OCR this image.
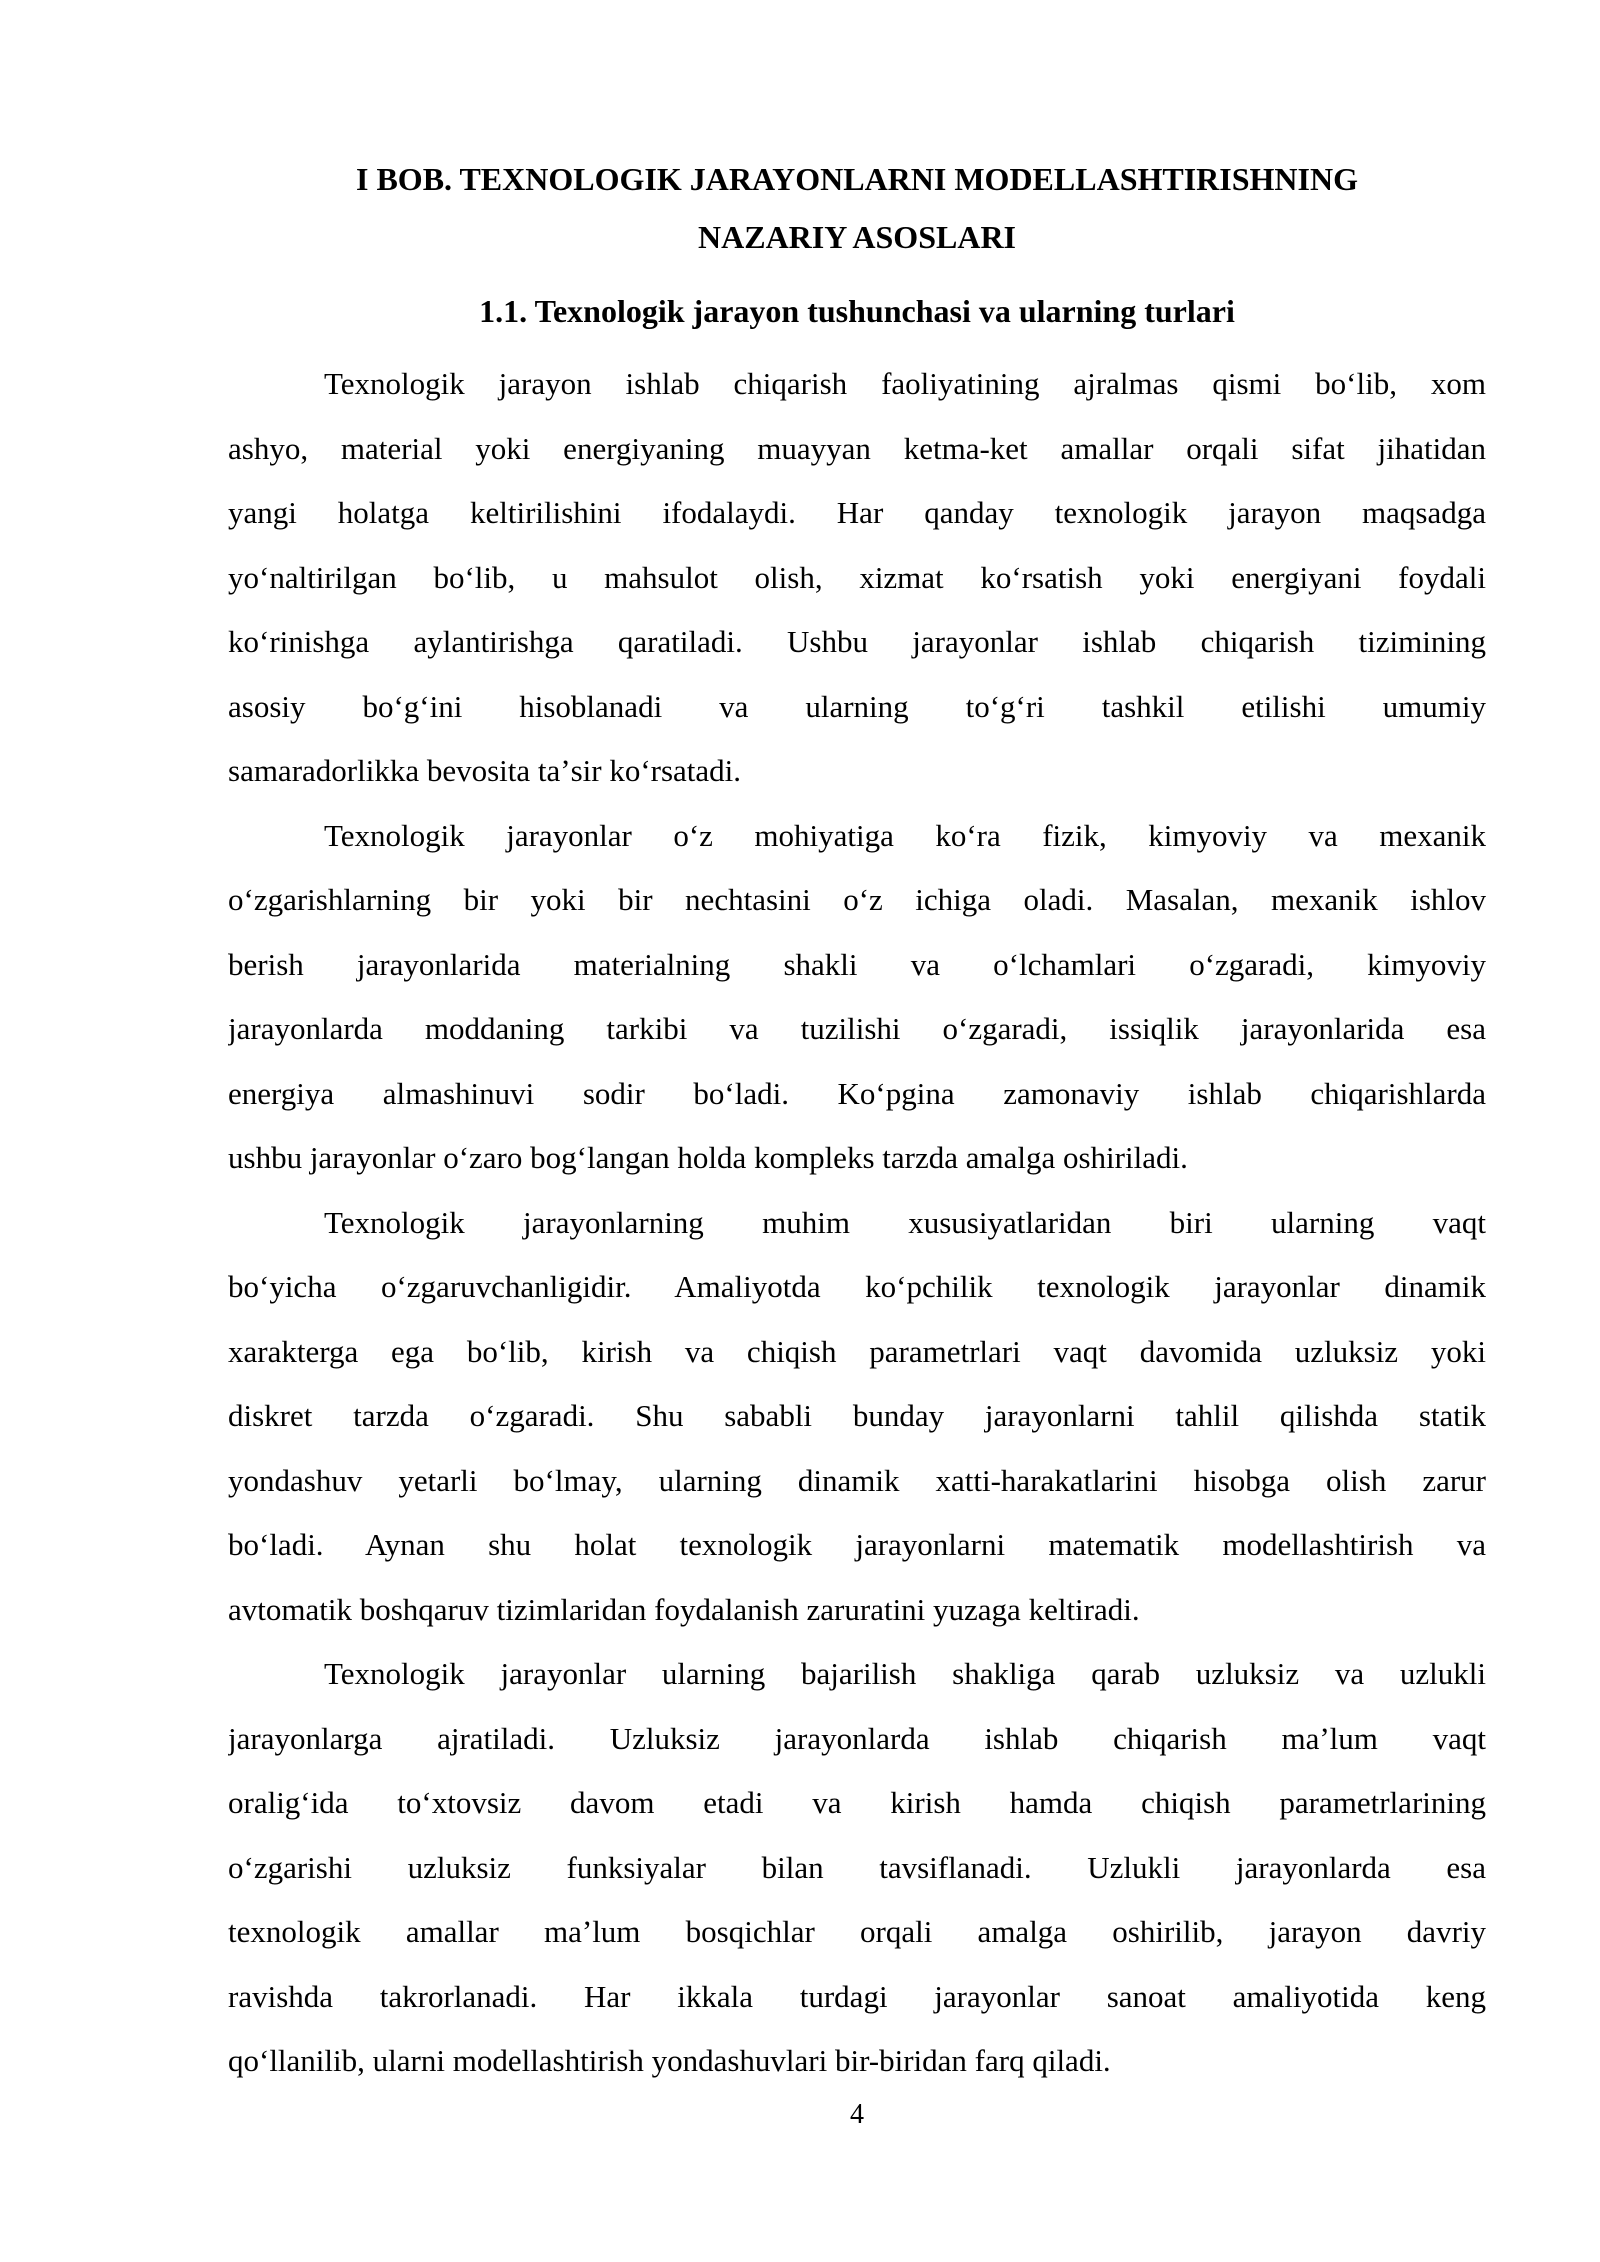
I BOB. TEXNOLOGIK JARAYONLARNI MODELLASHTIRISHNING
NAZARIY ASOSLARI
1.1. Texnologik jarayon tushunchasi va ularning turlari
Texnologik jarayon ishlab chiqarish faoliyatining ajralmas qismi boʻlib, xom
ashyo, material yoki energiyaning muayyan ketma-ket amallar orqali sifat jihatidan
yangi holatga keltirilishini ifodalaydi. Har qanday texnologik jarayon maqsadga
yoʻnaltirilgan boʻlib, u mahsulot olish, xizmat koʻrsatish yoki energiyani foydali
koʻrinishga aylantirishga qaratiladi. Ushbu jarayonlar ishlab chiqarish tizimining
asosiy boʻgʻini hisoblanadi va ularning toʻgʻri tashkil etilishi umumiy
samaradorlikka bevosita taʼsir koʻrsatadi.
Texnologik jarayonlar oʻz mohiyatiga koʻra fizik, kimyoviy va mexanik
oʻzgarishlarning bir yoki bir nechtasini oʻz ichiga oladi. Masalan, mexanik ishlov
berish jarayonlarida materialning shakli va oʻlchamlari oʻzgaradi, kimyoviy
jarayonlarda moddaning tarkibi va tuzilishi oʻzgaradi, issiqlik jarayonlarida esa
energiya almashinuvi sodir boʻladi. Koʻpgina zamonaviy ishlab chiqarishlarda
ushbu jarayonlar oʻzaro bogʻlangan holda kompleks tarzda amalga oshiriladi.
Texnologik jarayonlarning muhim xususiyatlaridan biri ularning vaqt
boʻyicha oʻzgaruvchanligidir. Amaliyotda koʻpchilik texnologik jarayonlar dinamik
xarakterga ega boʻlib, kirish va chiqish parametrlari vaqt davomida uzluksiz yoki
diskret tarzda oʻzgaradi. Shu sababli bunday jarayonlarni tahlil qilishda statik
yondashuv yetarli boʻlmay, ularning dinamik xatti-harakatlarini hisobga olish zarur
boʻladi. Aynan shu holat texnologik jarayonlarni matematik modellashtirish va
avtomatik boshqaruv tizimlaridan foydalanish zaruratini yuzaga keltiradi.
Texnologik jarayonlar ularning bajarilish shakliga qarab uzluksiz va uzlukli
jarayonlarga ajratiladi. Uzluksiz jarayonlarda ishlab chiqarish maʼlum vaqt
oraligʻida toʻxtovsiz davom etadi va kirish hamda chiqish parametrlarining
oʻzgarishi uzluksiz funksiyalar bilan tavsiflanadi. Uzlukli jarayonlarda esa
texnologik amallar maʼlum bosqichlar orqali amalga oshirilib, jarayon davriy
ravishda takrorlanadi. Har ikkala turdagi jarayonlar sanoat amaliyotida keng
qoʻllanilib, ularni modellashtirish yondashuvlari bir-biridan farq qiladi.
4
